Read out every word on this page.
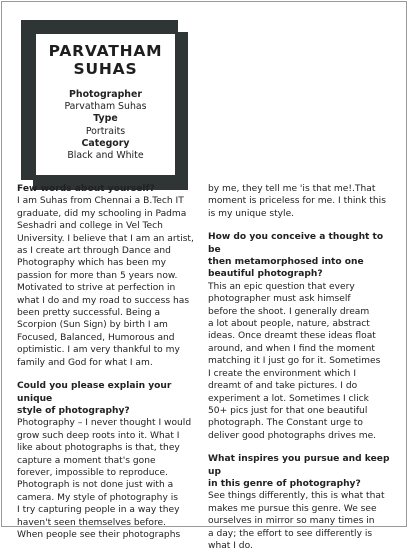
PARVATHAM
SUHAS
Photographer
Parvatham Suhas
Type
Portraits
Category
Black and White

Few words about yourself?

I am Suhas from Chennai a B.Tech IT
graduate, did my schooling in Padma
Seshadri and college in Vel Tech
University. I believe that I am an artist,
as I create art through Dance and
Photography which has been my
passion for more than 5 years now.
Motivated to strive at perfection in
what I do and my road to success has
been pretty successful. Being a
Scorpion (Sun Sign) by birth I am
Focused, Balanced, Humorous and
optimistic. I am very thankful to my
family and God for what I am.

Could you please explain your unique
style of photography?

Photography – I never thought I would
grow such deep roots into it. What I
like about photographs is that, they
capture a moment that's gone
forever, impossible to reproduce.
Photograph is not done just with a
camera. My style of photography is
I try capturing people in a way they
haven't seen themselves before.
When people see their photographs

by me, they tell me 'is that me!.That
moment is priceless for me. I think this
is my unique style.

How do you conceive a thought to be
then metamorphosed into one
beautiful photograph?

This an epic question that every
photographer must ask himself
before the shoot. I generally dream
a lot about people, nature, abstract
ideas. Once dreamt these ideas float
around, and when I find the moment
matching it I just go for it. Sometimes
I create the environment which I
dreamt of and take pictures. I do
experiment a lot. Sometimes I click
50+ pics just for that one beautiful
photograph. The Constant urge to
deliver good photographs drives me.

What inspires you pursue and keep up
in this genre of photography?

See things differently, this is what that
makes me pursue this genre. We see
ourselves in mirror so many times in
a day; the effort to see differently is
what I do.
